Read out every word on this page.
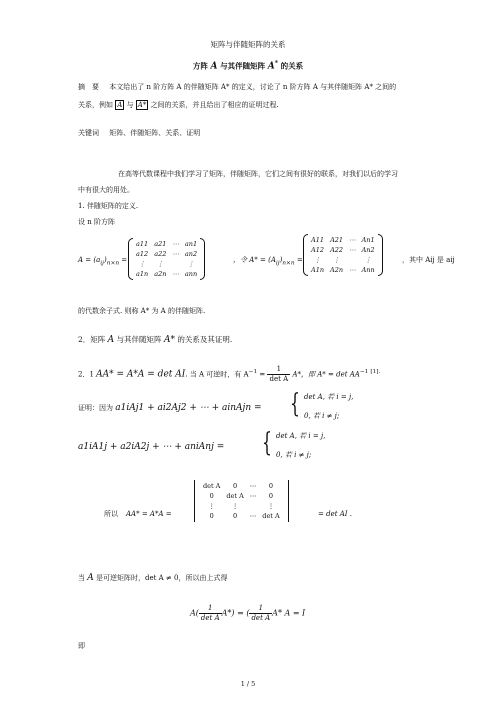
矩阵与伴随矩阵的关系
方阵 A 与其伴随矩阵 A* 的关系
摘　要 本文给出了 n 阶方阵 A 的伴随矩阵 A* 的定义，讨论了 n 阶方阵 A 与其伴随矩阵 A* 之间的
关系，例如 A 与 A* 之间的关系，并且给出了相应的证明过程.
关键词 矩阵、伴随矩阵、关系、证明
在高等代数课程中我们学习了矩阵，伴随矩阵，它们之间有很好的联系，对我们以后的学习
中有很大的用处。
1. 伴随矩阵的定义.
设 n 阶方阵
$A = (a_{ij})_{n\times n}$ =
a11	a21	⋯	an1
a12	a22	⋯	an2
⋮	⋮		⋮
a1n	a2n	⋯	ann
，令 $A* = (A_{ij})_{n\times n}$ =
A11	A21	⋯	An1
A12	A22	⋯	An2
⋮	⋮		⋮
A1n	A2n	⋯	Ann
，其中 Aij 是 aij
的代数余子式. 则称 A* 为 A 的伴随矩阵.
2．矩阵 A 与其伴随矩阵 A* 的关系及其证明.
2．1 AA* = A*A = det AI. 当 A 可逆时，有 $A^{-1} = \frac{1}{\text{det A}} A*$，即 $A* = \det AA^{-1 [1].}$
证明：因为 a1iAj1 + ai2Aj2 + ⋯ + ainAjn = { det A, 若 i = j,
0, 若 i ≠ j;
a1iA1j + a2iA2j + ⋯ + aniAnj = { det A, 若 i = j,
0, 若 i ≠ j;
所以 AA* = A*A =
det A	0	⋯	0
0	det A	⋯	0
⋮	⋮		⋮
0	0	⋯	det A	= det AI .
当 A 是可逆矩阵时，det A ≠ 0，所以由上式得
$A( \frac{1}{\text{det A}} A*)$ = ( $\frac{1}{\text{det A}} A*$ A = I
即
1 / 5
